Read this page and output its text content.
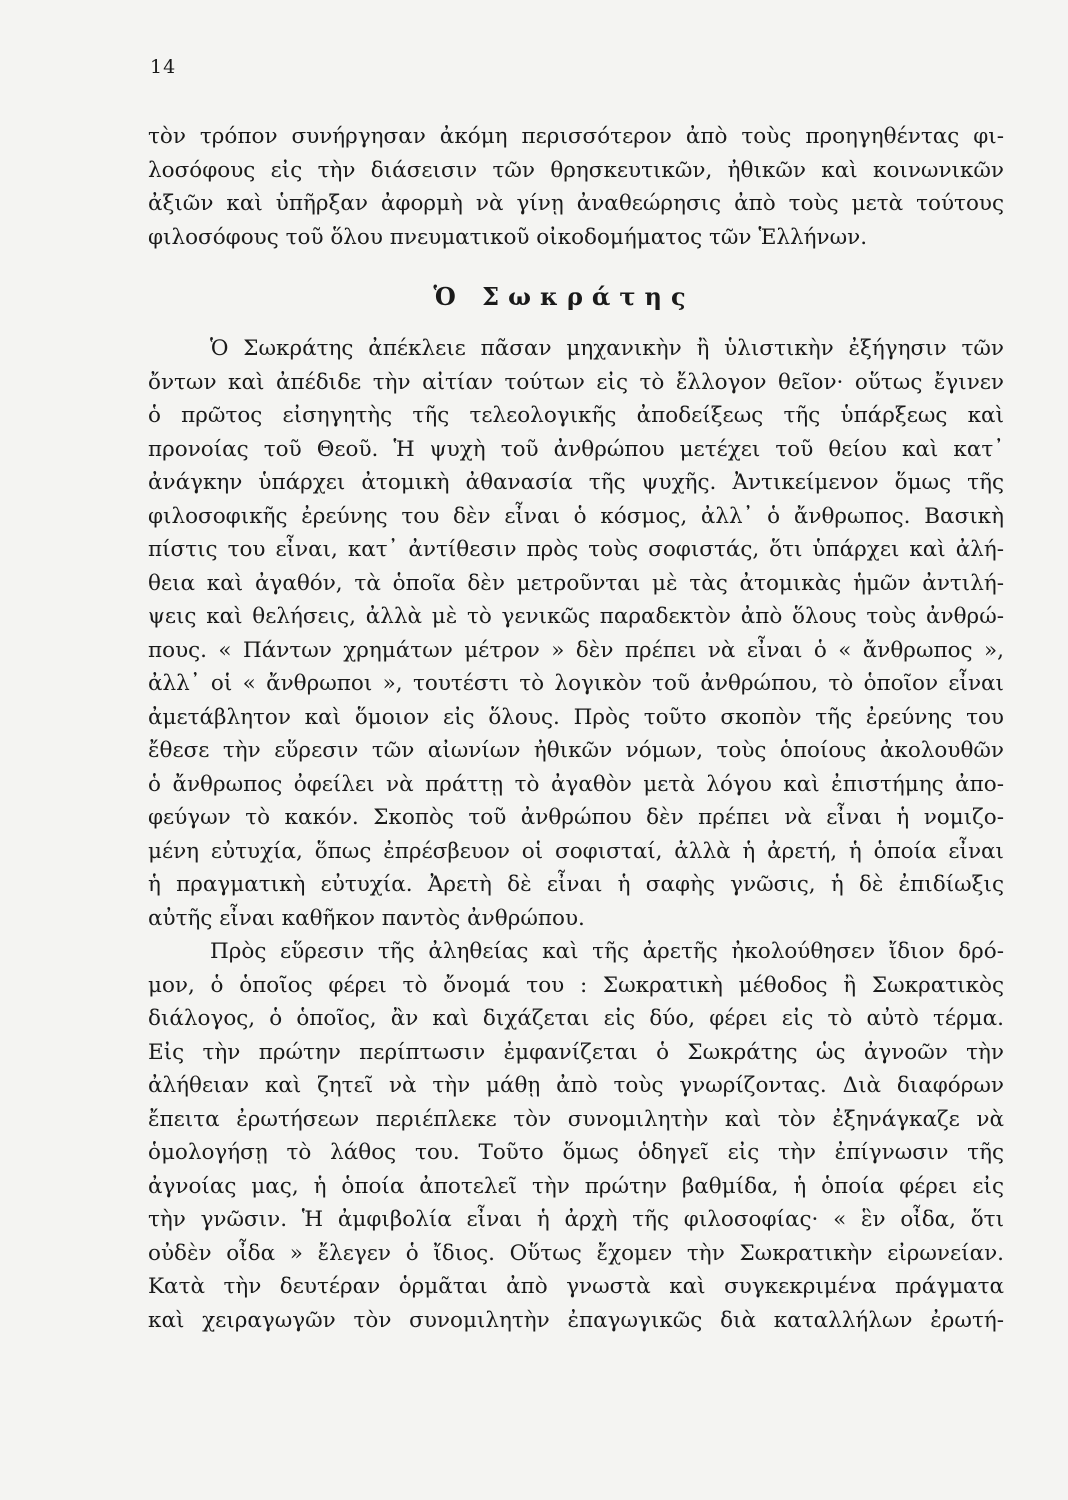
14
τὸν τρόπον συνήργησαν ἀκόμη περισσότερον ἀπὸ τοὺς προηγηθέντας φι-
λοσόφους εἰς τὴν διάσεισιν τῶν θρησκευτικῶν, ἠθικῶν καὶ κοινωνικῶν
ἀξιῶν καὶ ὑπῆρξαν ἀφορμὴ νὰ γίνῃ ἀναθεώρησις ἀπὸ τοὺς μετὰ τούτους
φιλοσόφους τοῦ ὅλου πνευματικοῦ οἰκοδομήματος τῶν Ἑλλήνων.
Ὁ Σωκράτης
Ὁ Σωκράτης ἀπέκλειε πᾶσαν μηχανικὴν ἢ ὑλιστικὴν ἐξήγησιν τῶν
ὄντων καὶ ἀπέδιδε τὴν αἰτίαν τούτων εἰς τὸ ἔλλογον θεῖον· οὕτως ἔγινεν
ὁ πρῶτος εἰσηγητὴς τῆς τελεολογικῆς ἀποδείξεως τῆς ὑπάρξεως καὶ
προνοίας τοῦ Θεοῦ. Ἡ ψυχὴ τοῦ ἀνθρώπου μετέχει τοῦ θείου καὶ κατ᾽
ἀνάγκην ὑπάρχει ἀτομικὴ ἀθανασία τῆς ψυχῆς. Ἀντικείμενον ὅμως τῆς
φιλοσοφικῆς ἐρεύνης του δὲν εἶναι ὁ κόσμος, ἀλλ᾽ ὁ ἄνθρωπος. Βασικὴ
πίστις του εἶναι, κατ᾽ ἀντίθεσιν πρὸς τοὺς σοφιστάς, ὅτι ὑπάρχει καὶ ἀλή-
θεια καὶ ἀγαθόν, τὰ ὁποῖα δὲν μετροῦνται μὲ τὰς ἀτομικὰς ἡμῶν ἀντιλή-
ψεις καὶ θελήσεις, ἀλλὰ μὲ τὸ γενικῶς παραδεκτὸν ἀπὸ ὅλους τοὺς ἀνθρώ-
πους. « Πάντων χρημάτων μέτρον » δὲν πρέπει νὰ εἶναι ὁ « ἄνθρωπος »,
ἀλλ᾽ οἱ « ἄνθρωποι », τουτέστι τὸ λογικὸν τοῦ ἀνθρώπου, τὸ ὁποῖον εἶναι
ἀμετάβλητον καὶ ὅμοιον εἰς ὅλους. Πρὸς τοῦτο σκοπὸν τῆς ἐρεύνης του
ἔθεσε τὴν εὕρεσιν τῶν αἰωνίων ἠθικῶν νόμων, τοὺς ὁποίους ἀκολουθῶν
ὁ ἄνθρωπος ὀφείλει νὰ πράττῃ τὸ ἀγαθὸν μετὰ λόγου καὶ ἐπιστήμης ἀπο-
φεύγων τὸ κακόν. Σκοπὸς τοῦ ἀνθρώπου δὲν πρέπει νὰ εἶναι ἡ νομιζο-
μένη εὐτυχία, ὅπως ἐπρέσβευον οἱ σοφισταί, ἀλλὰ ἡ ἀρετή, ἡ ὁποία εἶναι
ἡ πραγματικὴ εὐτυχία. Ἀρετὴ δὲ εἶναι ἡ σαφὴς γνῶσις, ἡ δὲ ἐπιδίωξις
αὐτῆς εἶναι καθῆκον παντὸς ἀνθρώπου.
Πρὸς εὕρεσιν τῆς ἀληθείας καὶ τῆς ἀρετῆς ἠκολούθησεν ἴδιον δρό-
μον, ὁ ὁποῖος φέρει τὸ ὄνομά του : Σωκρατικὴ μέθοδος ἢ Σωκρατικὸς
διάλογος, ὁ ὁποῖος, ἂν καὶ διχάζεται εἰς δύο, φέρει εἰς τὸ αὐτὸ τέρμα.
Εἰς τὴν πρώτην περίπτωσιν ἐμφανίζεται ὁ Σωκράτης ὡς ἀγνοῶν τὴν
ἀλήθειαν καὶ ζητεῖ νὰ τὴν μάθῃ ἀπὸ τοὺς γνωρίζοντας. Διὰ διαφόρων
ἔπειτα ἐρωτήσεων περιέπλεκε τὸν συνομιλητὴν καὶ τὸν ἐξηνάγκαζε νὰ
ὁμολογήσῃ τὸ λάθος του. Τοῦτο ὅμως ὁδηγεῖ εἰς τὴν ἐπίγνωσιν τῆς
ἀγνοίας μας, ἡ ὁποία ἀποτελεῖ τὴν πρώτην βαθμίδα, ἡ ὁποία φέρει εἰς
τὴν γνῶσιν. Ἡ ἀμφιβολία εἶναι ἡ ἀρχὴ τῆς φιλοσοφίας· « ἓν οἶδα, ὅτι
οὐδὲν οἶδα » ἔλεγεν ὁ ἴδιος. Οὕτως ἔχομεν τὴν Σωκρατικὴν εἰρωνείαν.
Κατὰ τὴν δευτέραν ὁρμᾶται ἀπὸ γνωστὰ καὶ συγκεκριμένα πράγματα
καὶ χειραγωγῶν τὸν συνομιλητὴν ἐπαγωγικῶς διὰ καταλλήλων ἐρωτή-
